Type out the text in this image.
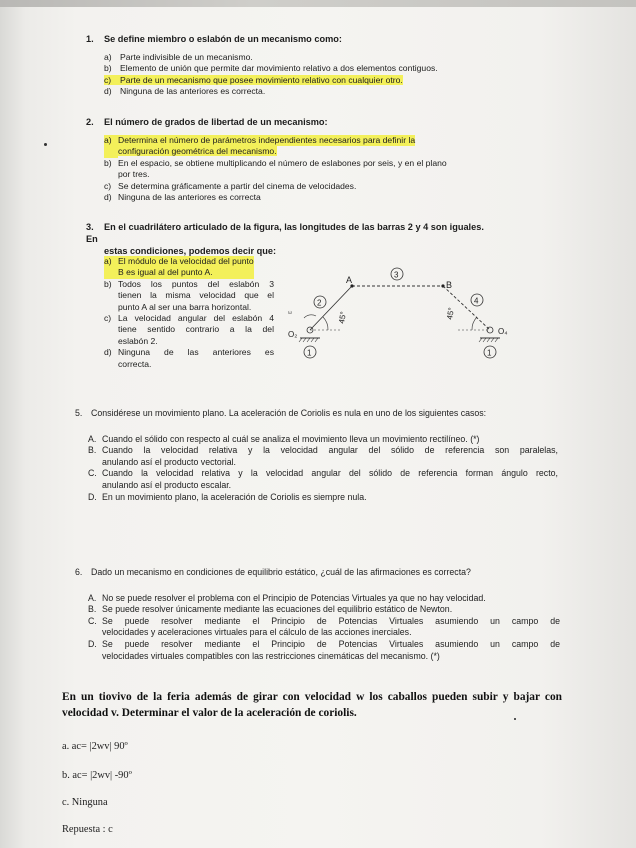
1. Se define miembro o eslabón de un mecanismo como:
a) Parte indivisible de un mecanismo.
b) Elemento de unión que permite dar movimiento relativo a dos elementos contiguos.
c) Parte de un mecanismo que posee movimiento relativo con cualquier otro.
d) Ninguna de las anteriores es correcta.
2. El número de grados de libertad de un mecanismo:
a) Determina el número de parámetros independientes necesarios para definir la
configuración geométrica del mecanismo.
b) En el espacio, se obtiene multiplicando el número de eslabones por seis, y en el plano
por tres.
c) Se determina gráficamente a partir del cinema de velocidades.
d) Ninguna de las anteriores es correcta
3. En el cuadrilátero articulado de la figura, las longitudes de las barras 2 y 4 son iguales. En
estas condiciones, podemos decir que:
a) El módulo de la velocidad del punto
B es igual al del punto A.
b) Todos los puntos del eslabón 3
tienen la misma velocidad que el
punto A al ser una barra horizontal.
c) La velocidad angular del eslabón 4
tiene sentido contrario a la del
eslabón 2.
d) Ninguna de las anteriores es
correcta.
A	B
3
2	4
1	1
O₂	O₄
ω	45°	45°
5. Considérese un movimiento plano. La aceleración de Coriolis es nula en uno de los siguientes casos:
A. Cuando el sólido con respecto al cuál se analiza el movimiento lleva un movimiento rectilíneo. (*)
B. Cuando la velocidad relativa y la velocidad angular del sólido de referencia son paralelas,
anulando así el producto vectorial.
C. Cuando la velocidad relativa y la velocidad angular del sólido de referencia forman ángulo recto,
anulando así el producto escalar.
D. En un movimiento plano, la aceleración de Coriolis es siempre nula.
6. Dado un mecanismo en condiciones de equilibrio estático, ¿cuál de las afirmaciones es correcta?
A. No se puede resolver el problema con el Principio de Potencias Virtuales ya que no hay velocidad.
B. Se puede resolver únicamente mediante las ecuaciones del equilibrio estático de Newton.
C. Se puede resolver mediante el Principio de Potencias Virtuales asumiendo un campo de
velocidades y aceleraciones virtuales para el cálculo de las acciones inerciales.
D. Se puede resolver mediante el Principio de Potencias Virtuales asumiendo un campo de
velocidades virtuales compatibles con las restricciones cinemáticas del mecanismo. (*)
En un tiovivo de la feria además de girar con velocidad w los caballos pueden subir y bajar con
velocidad v. Determinar el valor de la aceleración de coriolis.
a. ac= |2wv| 90º
b. ac= |2wv| -90º
c. Ninguna
Repuesta : c
